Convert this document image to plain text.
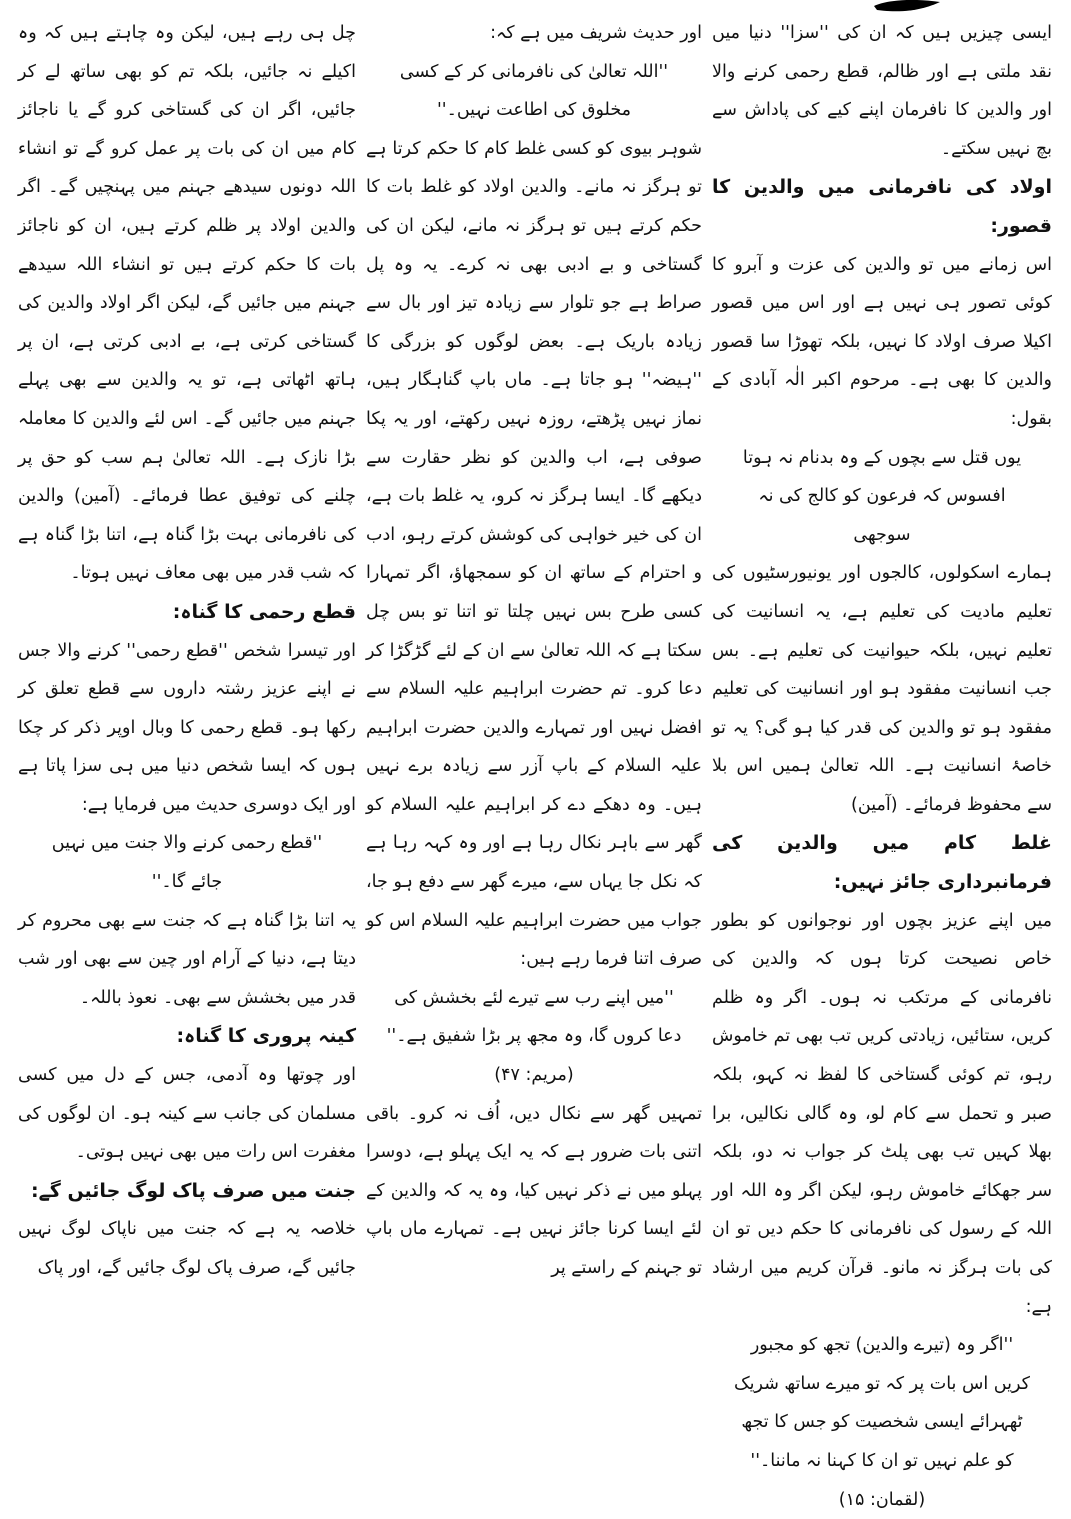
ایسی چیزیں ہیں کہ ان کی ''سزا'' دنیا میں نقد ملتی ہے اور ظالم، قطع رحمی کرنے والا اور والدین کا نافرمان اپنے کیے کی پاداش سے بچ نہیں سکتے۔

اولاد کی نافرمانی میں والدین کا قصور:

اس زمانے میں تو والدین کی عزت و آبرو کا کوئی تصور ہی نہیں ہے اور اس میں قصور اکیلا صرف اولاد کا نہیں، بلکہ تھوڑا سا قصور والدین کا بھی ہے۔ مرحوم اکبر الٰہ آبادی کے بقول:

یوں قتل سے بچوں کے وہ بدنام نہ ہوتا

افسوس کہ فرعون کو کالج کی نہ سوجھی

ہمارے اسکولوں، کالجوں اور یونیورسٹیوں کی تعلیم مادیت کی تعلیم ہے، یہ انسانیت کی تعلیم نہیں، بلکہ حیوانیت کی تعلیم ہے۔ بس جب انسانیت مفقود ہو اور انسانیت کی تعلیم مفقود ہو تو والدین کی قدر کیا ہو گی؟ یہ تو خاصۂ انسانیت ہے۔ اللہ تعالیٰ ہمیں اس بلا سے محفوظ فرمائے۔ (آمین)

غلط کام میں والدین کی فرمانبرداری جائز نہیں:

میں اپنے عزیز بچوں اور نوجوانوں کو بطور خاص نصیحت کرتا ہوں کہ والدین کی نافرمانی کے مرتکب نہ ہوں۔ اگر وہ ظلم کریں، ستائیں، زیادتی کریں تب بھی تم خاموش رہو، تم کوئی گستاخی کا لفظ نہ کہو، بلکہ صبر و تحمل سے کام لو، وہ گالی نکالیں، برا بھلا کہیں تب بھی پلٹ کر جواب نہ دو، بلکہ سر جھکائے خاموش رہو، لیکن اگر وہ اللہ اور اللہ کے رسول کی نافرمانی کا حکم دیں تو ان کی بات ہرگز نہ مانو۔ قرآن کریم میں ارشاد ہے:

''اگر وہ (تیرے والدین) تجھ کو مجبور کریں اس بات پر کہ تو میرے ساتھ شریک ٹھہرائے ایسی شخصیت کو جس کا تجھ کو علم نہیں تو ان کا کہنا نہ ماننا۔'' (لقمان: ۱۵)

اور حدیث شریف میں ہے کہ:

''اللہ تعالیٰ کی نافرمانی کر کے کسی مخلوق کی اطاعت نہیں۔''

شوہر بیوی کو کسی غلط کام کا حکم کرتا ہے تو ہرگز نہ مانے۔ والدین اولاد کو غلط بات کا حکم کرتے ہیں تو ہرگز نہ مانے، لیکن ان کی گستاخی و بے ادبی بھی نہ کرے۔ یہ وہ پل صراط ہے جو تلوار سے زیادہ تیز اور بال سے زیادہ باریک ہے۔ بعض لوگوں کو بزرگی کا ''ہیضہ'' ہو جاتا ہے۔ ماں باپ گناہگار ہیں، نماز نہیں پڑھتے، روزہ نہیں رکھتے، اور یہ پکا صوفی ہے، اب والدین کو نظر حقارت سے دیکھے گا۔ ایسا ہرگز نہ کرو، یہ غلط بات ہے، ان کی خیر خواہی کی کوشش کرتے رہو، ادب و احترام کے ساتھ ان کو سمجھاؤ، اگر تمہارا کسی طرح بس نہیں چلتا تو اتنا تو بس چل سکتا ہے کہ اللہ تعالیٰ سے ان کے لئے گڑگڑا کر دعا کرو۔ تم حضرت ابراہیم علیہ السلام سے افضل نہیں اور تمہارے والدین حضرت ابراہیم علیہ السلام کے باپ آزر سے زیادہ برے نہیں ہیں۔ وہ دھکے دے کر ابراہیم علیہ السلام کو گھر سے باہر نکال رہا ہے اور وہ کہہ رہا ہے کہ نکل جا یہاں سے، میرے گھر سے دفع ہو جا، جواب میں حضرت ابراہیم علیہ السلام اس کو صرف اتنا فرما رہے ہیں:

''میں اپنے رب سے تیرے لئے بخشش کی دعا کروں گا، وہ مجھ پر بڑا شفیق ہے۔'' (مریم: ۴۷)

تمہیں گھر سے نکال دیں، اُف نہ کرو۔ باقی اتنی بات ضرور ہے کہ یہ ایک پہلو ہے، دوسرا پہلو میں نے ذکر نہیں کیا، وہ یہ کہ والدین کے لئے ایسا کرنا جائز نہیں ہے۔ تمہارے ماں باپ تو جہنم کے راستے پر

چل ہی رہے ہیں، لیکن وہ چاہتے ہیں کہ وہ اکیلے نہ جائیں، بلکہ تم کو بھی ساتھ لے کر جائیں، اگر ان کی گستاخی کرو گے یا ناجائز کام میں ان کی بات پر عمل کرو گے تو انشاء اللہ دونوں سیدھے جہنم میں پہنچیں گے۔ اگر والدین اولاد پر ظلم کرتے ہیں، ان کو ناجائز بات کا حکم کرتے ہیں تو انشاء اللہ سیدھے جہنم میں جائیں گے، لیکن اگر اولاد والدین کی گستاخی کرتی ہے، بے ادبی کرتی ہے، ان پر ہاتھ اٹھاتی ہے، تو یہ والدین سے بھی پہلے جہنم میں جائیں گے۔ اس لئے والدین کا معاملہ بڑا نازک ہے۔ اللہ تعالیٰ ہم سب کو حق پر چلنے کی توفیق عطا فرمائے۔ (آمین) والدین کی نافرمانی بہت بڑا گناہ ہے، اتنا بڑا گناہ ہے کہ شب قدر میں بھی معاف نہیں ہوتا۔

قطع رحمی کا گناہ:

اور تیسرا شخص ''قطع رحمی'' کرنے والا جس نے اپنے عزیز رشتہ داروں سے قطع تعلق کر رکھا ہو۔ قطع رحمی کا وبال اوپر ذکر کر چکا ہوں کہ ایسا شخص دنیا میں ہی سزا پاتا ہے اور ایک دوسری حدیث میں فرمایا ہے:

''قطع رحمی کرنے والا جنت میں نہیں جائے گا۔''

یہ اتنا بڑا گناہ ہے کہ جنت سے بھی محروم کر دیتا ہے، دنیا کے آرام اور چین سے بھی اور شب قدر میں بخشش سے بھی۔ نعوذ باللہ۔

کینہ پروری کا گناہ:

اور چوتھا وہ آدمی، جس کے دل میں کسی مسلمان کی جانب سے کینہ ہو۔ ان لوگوں کی مغفرت اس رات میں بھی نہیں ہوتی۔

جنت میں صرف پاک لوگ جائیں گے:

خلاصہ یہ ہے کہ جنت میں ناپاک لوگ نہیں جائیں گے، صرف پاک لوگ جائیں گے، اور پاک
